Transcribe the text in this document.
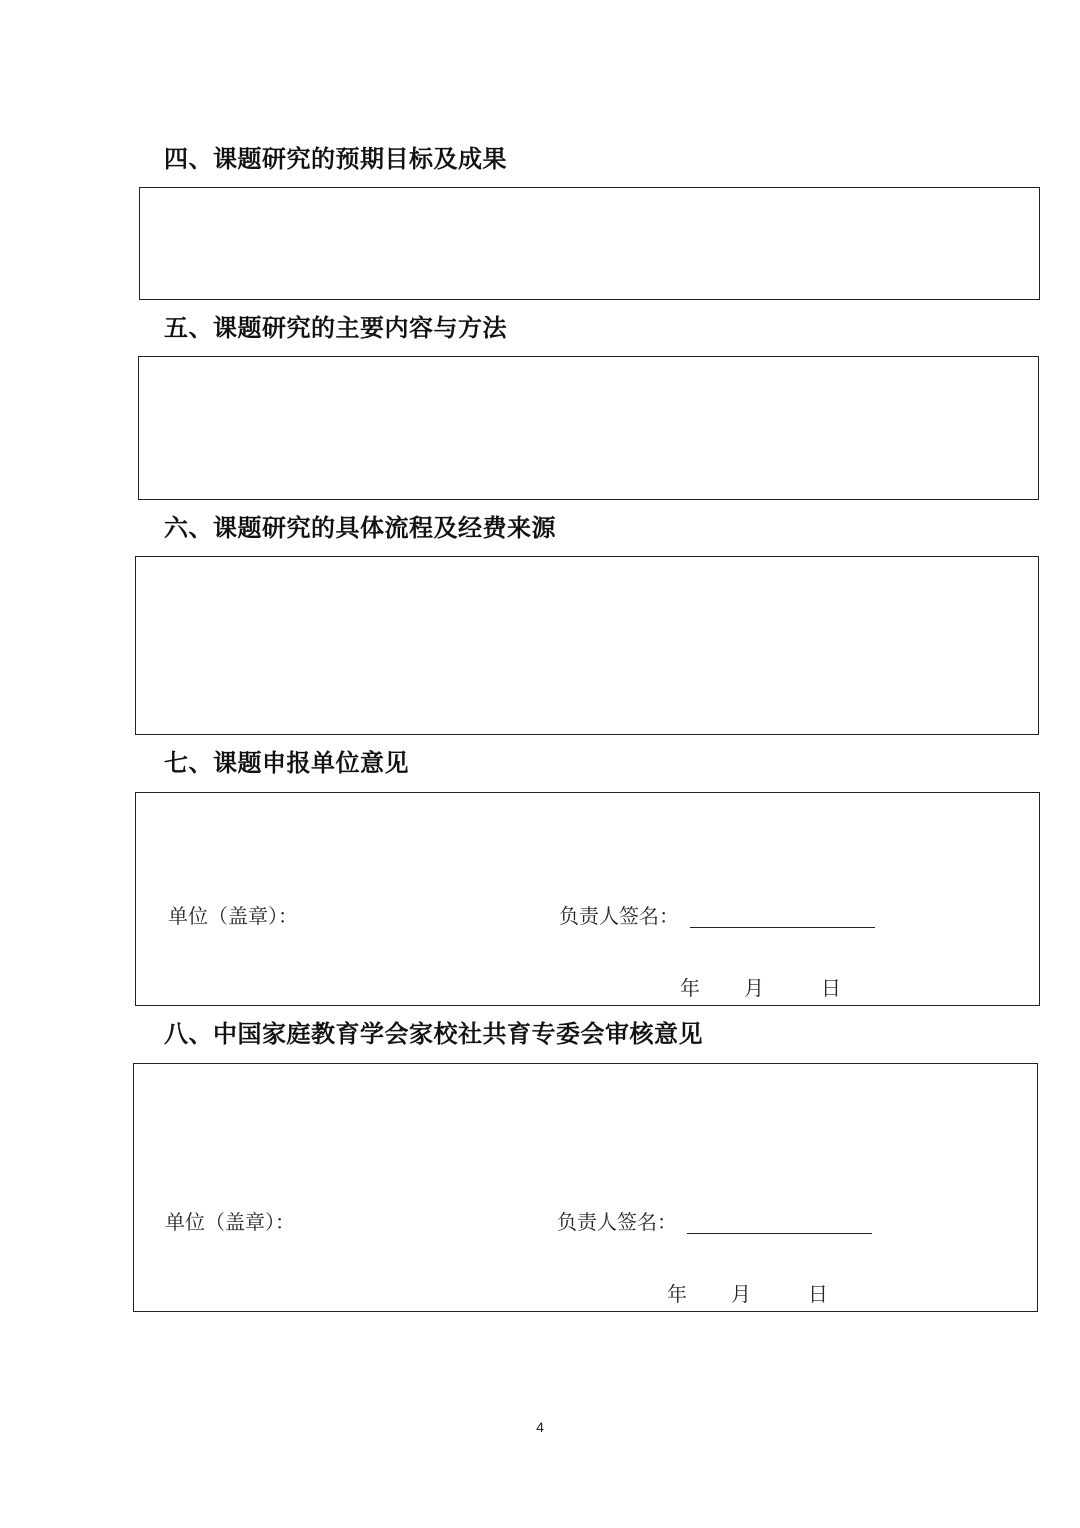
四、课题研究的预期目标及成果
五、课题研究的主要内容与方法
六、课题研究的具体流程及经费来源
七、课题申报单位意见
单位（盖章）：	负责人签名：
年 月	日
八、中国家庭教育学会家校社共育专委会审核意见
单位（盖章）：	负责人签名：
年 月	日
4
